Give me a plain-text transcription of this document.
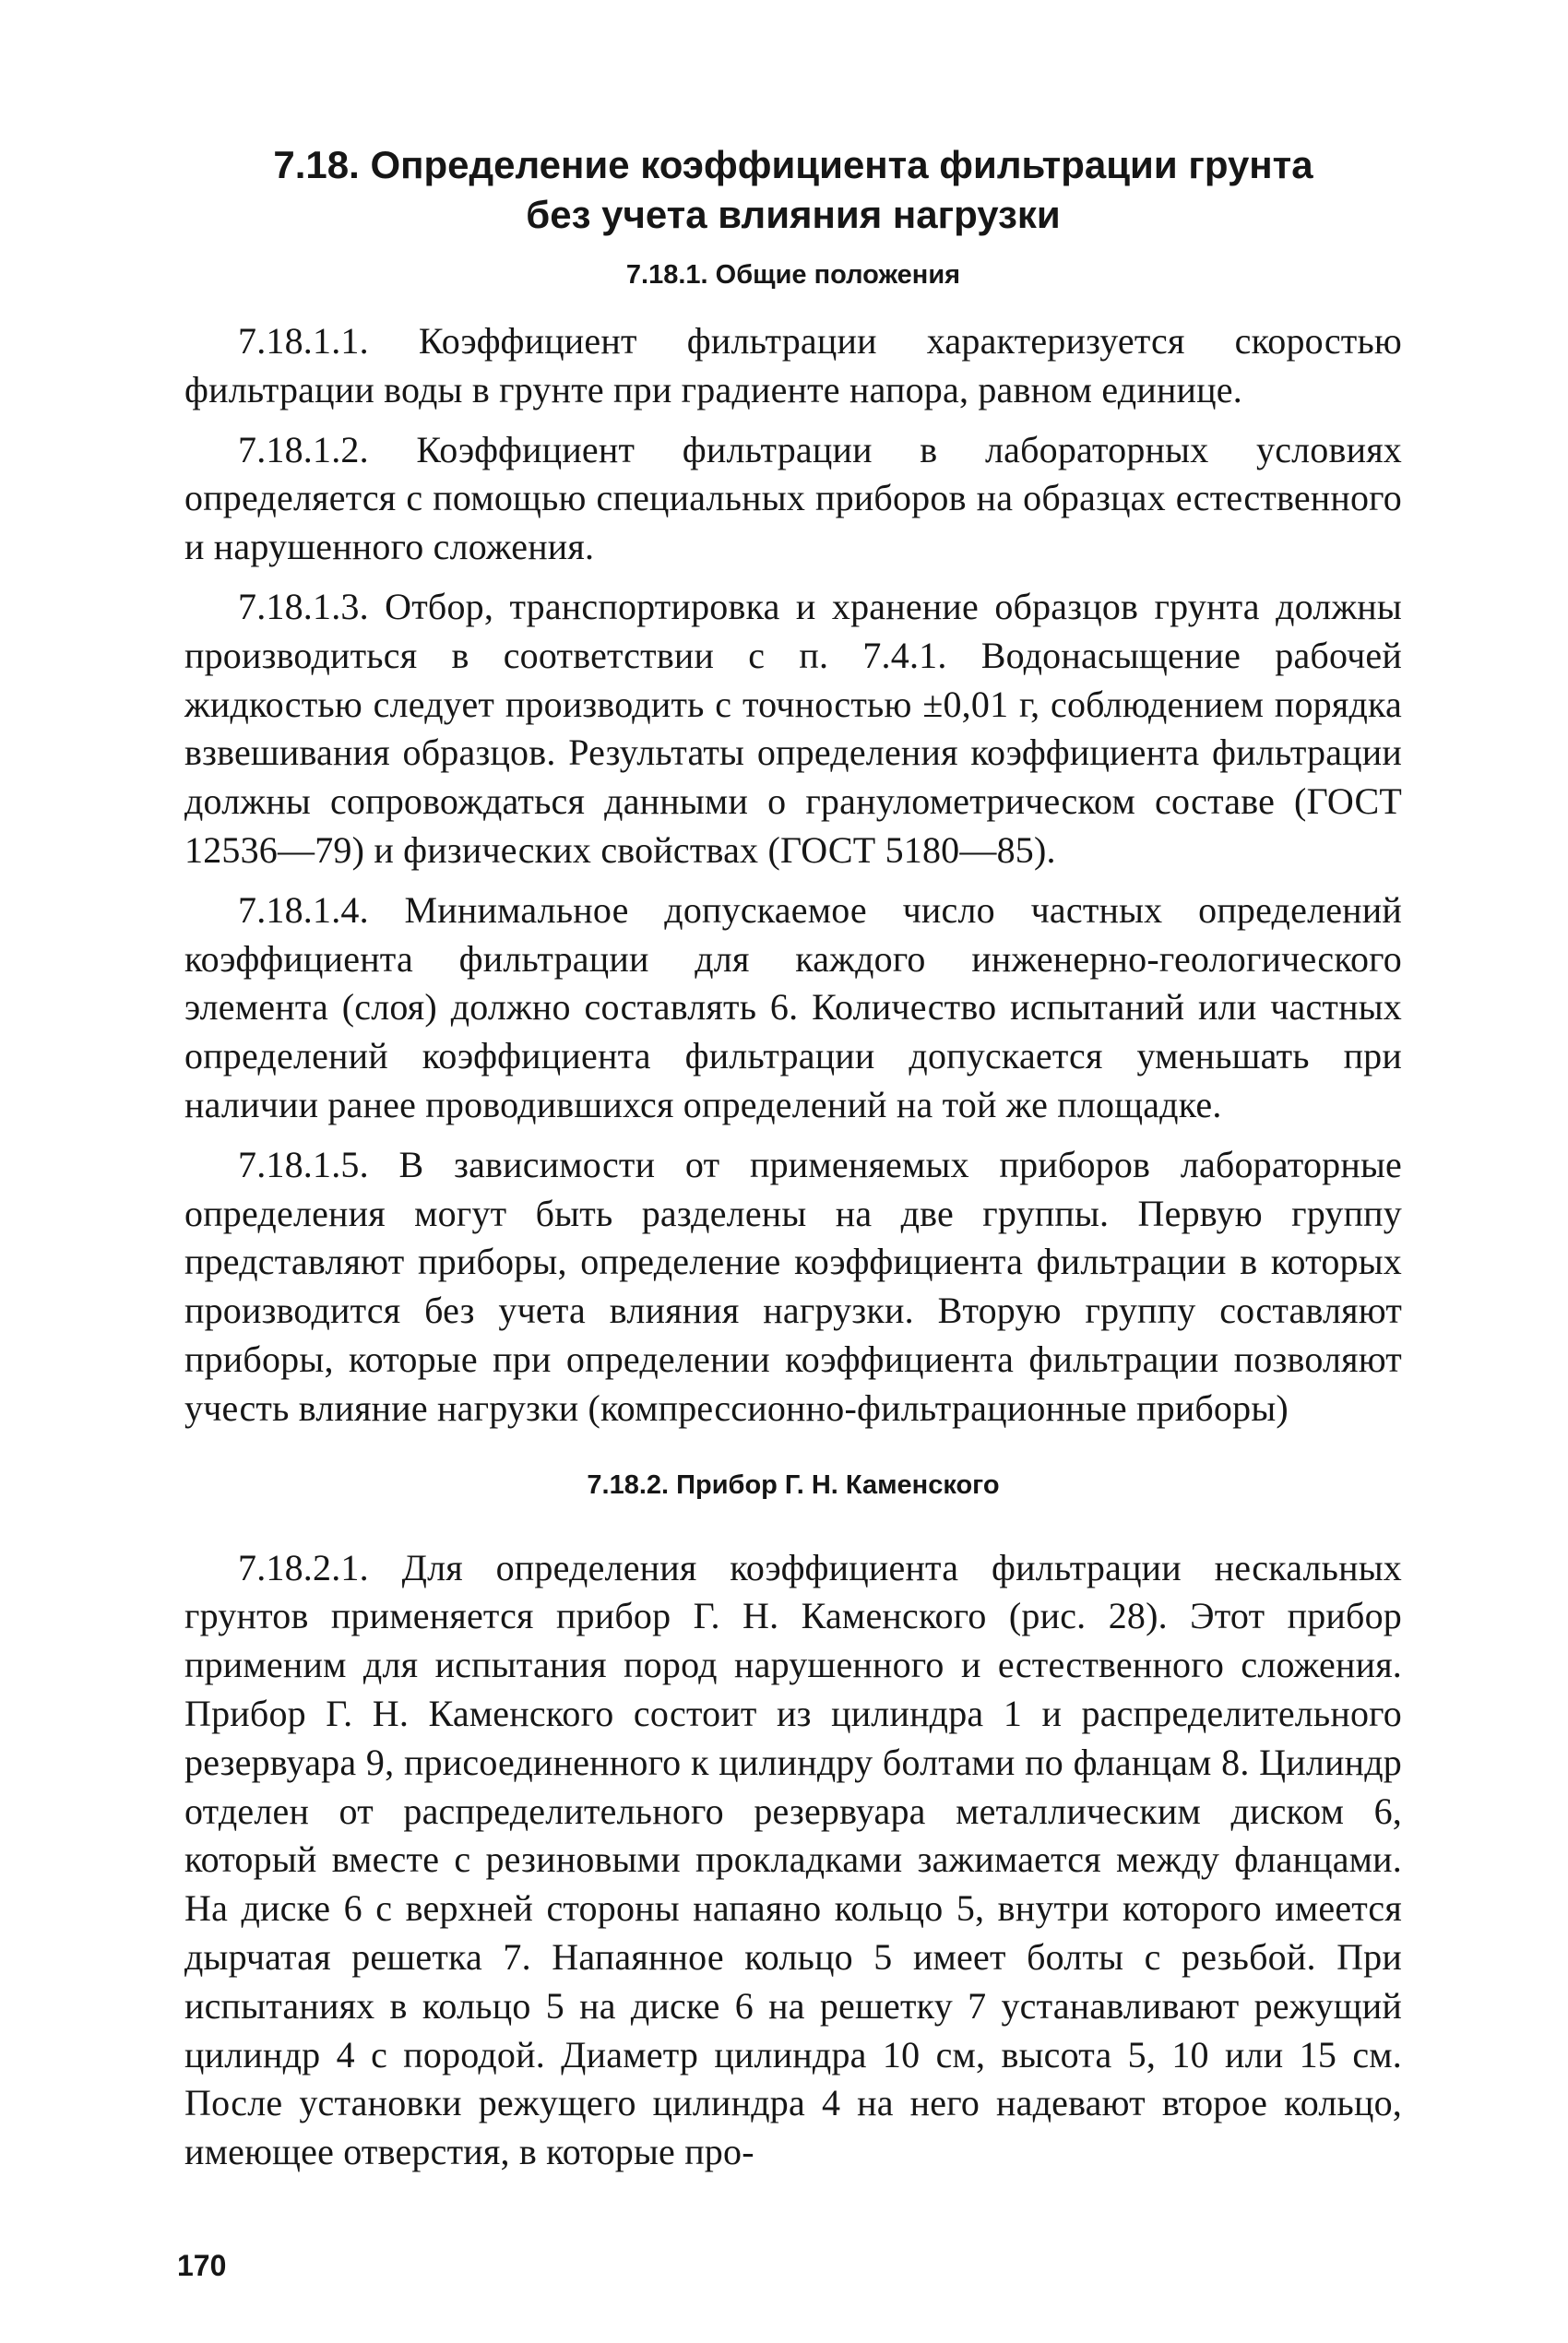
7.18. Определение коэффициента фильтрации грунта
без учета влияния нагрузки
7.18.1. Общие положения

7.18.1.1. Коэффициент фильтрации характеризуется скоростью фильтрации воды в грунте при градиенте напора, равном единице.

7.18.1.2. Коэффициент фильтрации в лабораторных условиях определяется с помощью специальных приборов на образцах естественного и нарушенного сложения.

7.18.1.3. Отбор, транспортировка и хранение образцов грунта должны производиться в соответствии с п. 7.4.1. Водонасыщение рабочей жидкостью следует производить с точностью ±0,01 г, соблюдением порядка взвешивания образцов. Результаты определения коэффициента фильтрации должны сопровождаться данными о гранулометрическом составе (ГОСТ 12536—79) и физических свойствах (ГОСТ 5180—85).

7.18.1.4. Минимальное допускаемое число частных определений коэффициента фильтрации для каждого инженерно-геологического элемента (слоя) должно составлять 6. Количество испытаний или частных определений коэффициента фильтрации допускается уменьшать при наличии ранее проводившихся определений на той же площадке.

7.18.1.5. В зависимости от применяемых приборов лабораторные определения могут быть разделены на две группы. Первую группу представляют приборы, определение коэффициента фильтрации в которых производится без учета влияния нагрузки. Вторую группу составляют приборы, которые при определении коэффициента фильтрации позволяют учесть влияние нагрузки (компрессионно-фильтрационные приборы)

7.18.2. Прибор Г. Н. Каменского

7.18.2.1. Для определения коэффициента фильтрации нескальных грунтов применяется прибор Г. Н. Каменского (рис. 28). Этот прибор применим для испытания пород нарушенного и естественного сложения. Прибор Г. Н. Каменского состоит из цилиндра 1 и распределительного резервуара 9, присоединенного к цилиндру болтами по фланцам 8. Цилиндр отделен от распределительного резервуара металлическим диском 6, который вместе с резиновыми прокладками зажимается между фланцами. На диске 6 с верхней стороны напаяно кольцо 5, внутри которого имеется дырчатая решетка 7. Напаянное кольцо 5 имеет болты с резьбой. При испытаниях в кольцо 5 на диске 6 на решетку 7 устанавливают режущий цилиндр 4 с породой. Диаметр цилиндра 10 см, высота 5, 10 или 15 см. После установки режущего цилиндра 4 на него надевают второе кольцо, имеющее отверстия, в которые про-

170
